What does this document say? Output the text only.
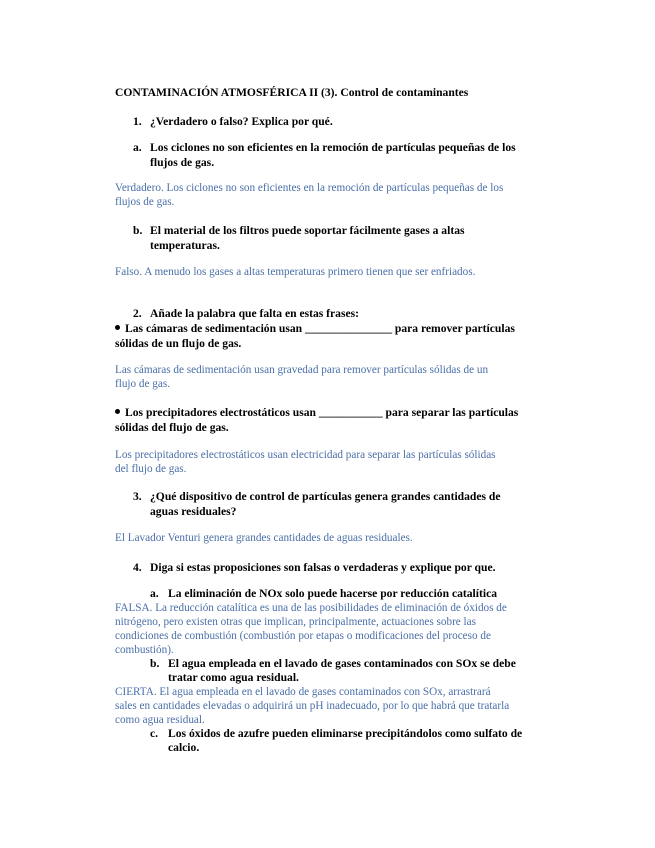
CONTAMINACIÓN ATMOSFÉRICA II (3). Control de contaminantes
1. ¿Verdadero o falso? Explica por qué.
a. Los ciclones no son eficientes en la remoción de partículas pequeñas de los
flujos de gas.
Verdadero. Los ciclones no son eficientes en la remoción de partículas pequeñas de los
flujos de gas.
b. El material de los filtros puede soportar fácilmente gases a altas
temperaturas.
Falso. A menudo los gases a altas temperaturas primero tienen que ser enfriados.
2. Añade la palabra que falta en estas frases:
Las cámaras de sedimentación usan _______________ para remover partículas
sólidas de un flujo de gas.
Las cámaras de sedimentación usan gravedad para remover partículas sólidas de un
flujo de gas.
Los precipitadores electrostáticos usan ___________ para separar las partículas
sólidas del flujo de gas.
Los precipitadores electrostáticos usan electricidad para separar las partículas sólidas
del flujo de gas.
3. ¿Qué dispositivo de control de partículas genera grandes cantidades de
aguas residuales?
El Lavador Venturi genera grandes cantidades de aguas residuales.
4. Diga si estas proposiciones son falsas o verdaderas y explique por que.
a. La eliminación de NOx solo puede hacerse por reducción catalítica
FALSA. La reducción catalítica es una de las posibilidades de eliminación de óxidos de
nitrógeno, pero existen otras que implican, principalmente, actuaciones sobre las
condiciones de combustión (combustión por etapas o modificaciones del proceso de
combustión).
b. El agua empleada en el lavado de gases contaminados con SOx se debe
tratar como agua residual.
CIERTA. El agua empleada en el lavado de gases contaminados con SOx, arrastrará
sales en cantidades elevadas o adquirirá un pH inadecuado, por lo que habrá que tratarla
como agua residual.
c. Los óxidos de azufre pueden eliminarse precipitándolos como sulfato de
calcio.
